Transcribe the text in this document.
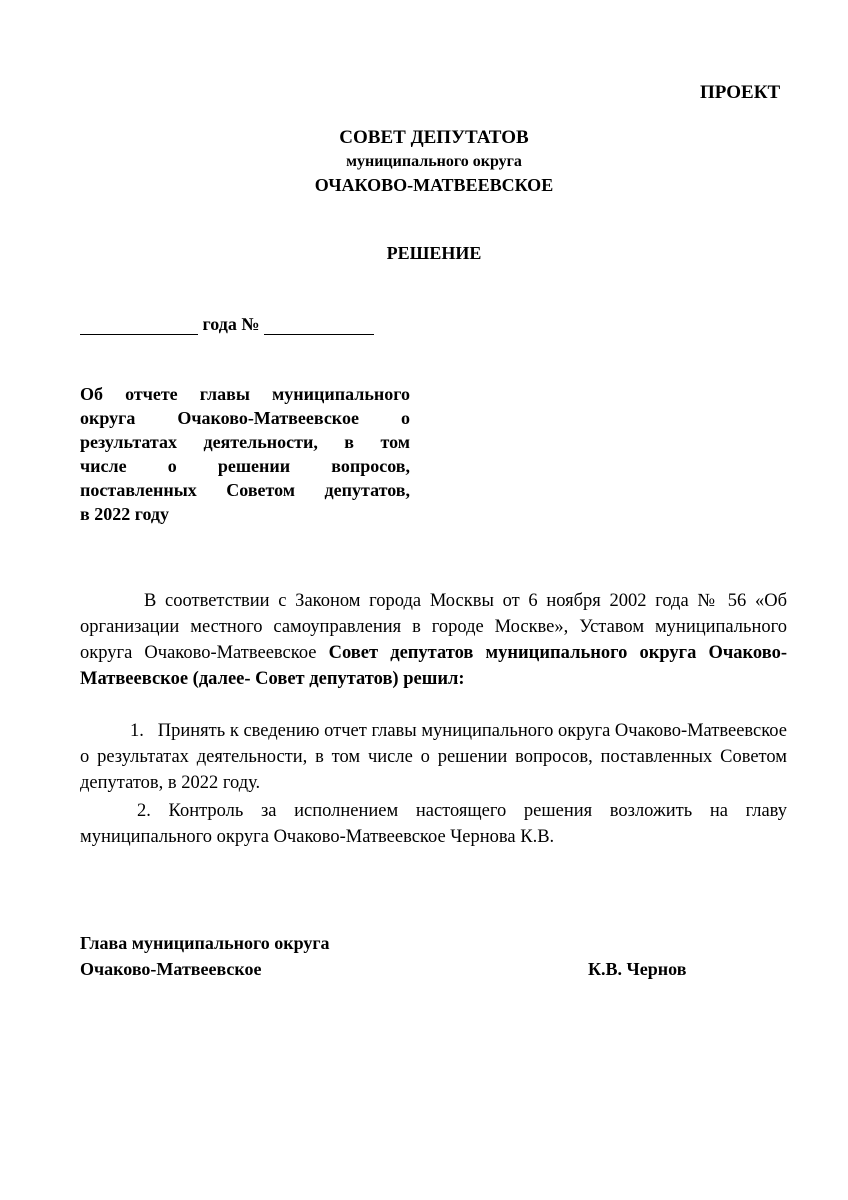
ПРОЕКТ
СОВЕТ ДЕПУТАТОВ
муниципального округа
ОЧАКОВО-МАТВЕЕВСКОЕ
РЕШЕНИЕ
года №
Об отчете главы муниципального
округа Очаково-Матвеевское о
результатах деятельности, в том
числе о решении вопросов,
поставленных Советом депутатов,
в 2022 году
В соответствии с Законом города Москвы от 6 ноября 2002 года № 56 «Об организации местного самоуправления в городе Москве», Уставом муниципального округа Очаково-Матвеевское Совет депутатов муниципального округа Очаково-Матвеевское (далее- Совет депутатов) решил:
1. Принять к сведению отчет главы муниципального округа Очаково-Матвеевское о результатах деятельности, в том числе о решении вопросов, поставленных Советом депутатов, в 2022 году.
2. Контроль за исполнением настоящего решения возложить на главу муниципального округа Очаково-Матвеевское Чернова К.В.
Глава муниципального округа
Очаково-Матвеевское	К.В. Чернов
